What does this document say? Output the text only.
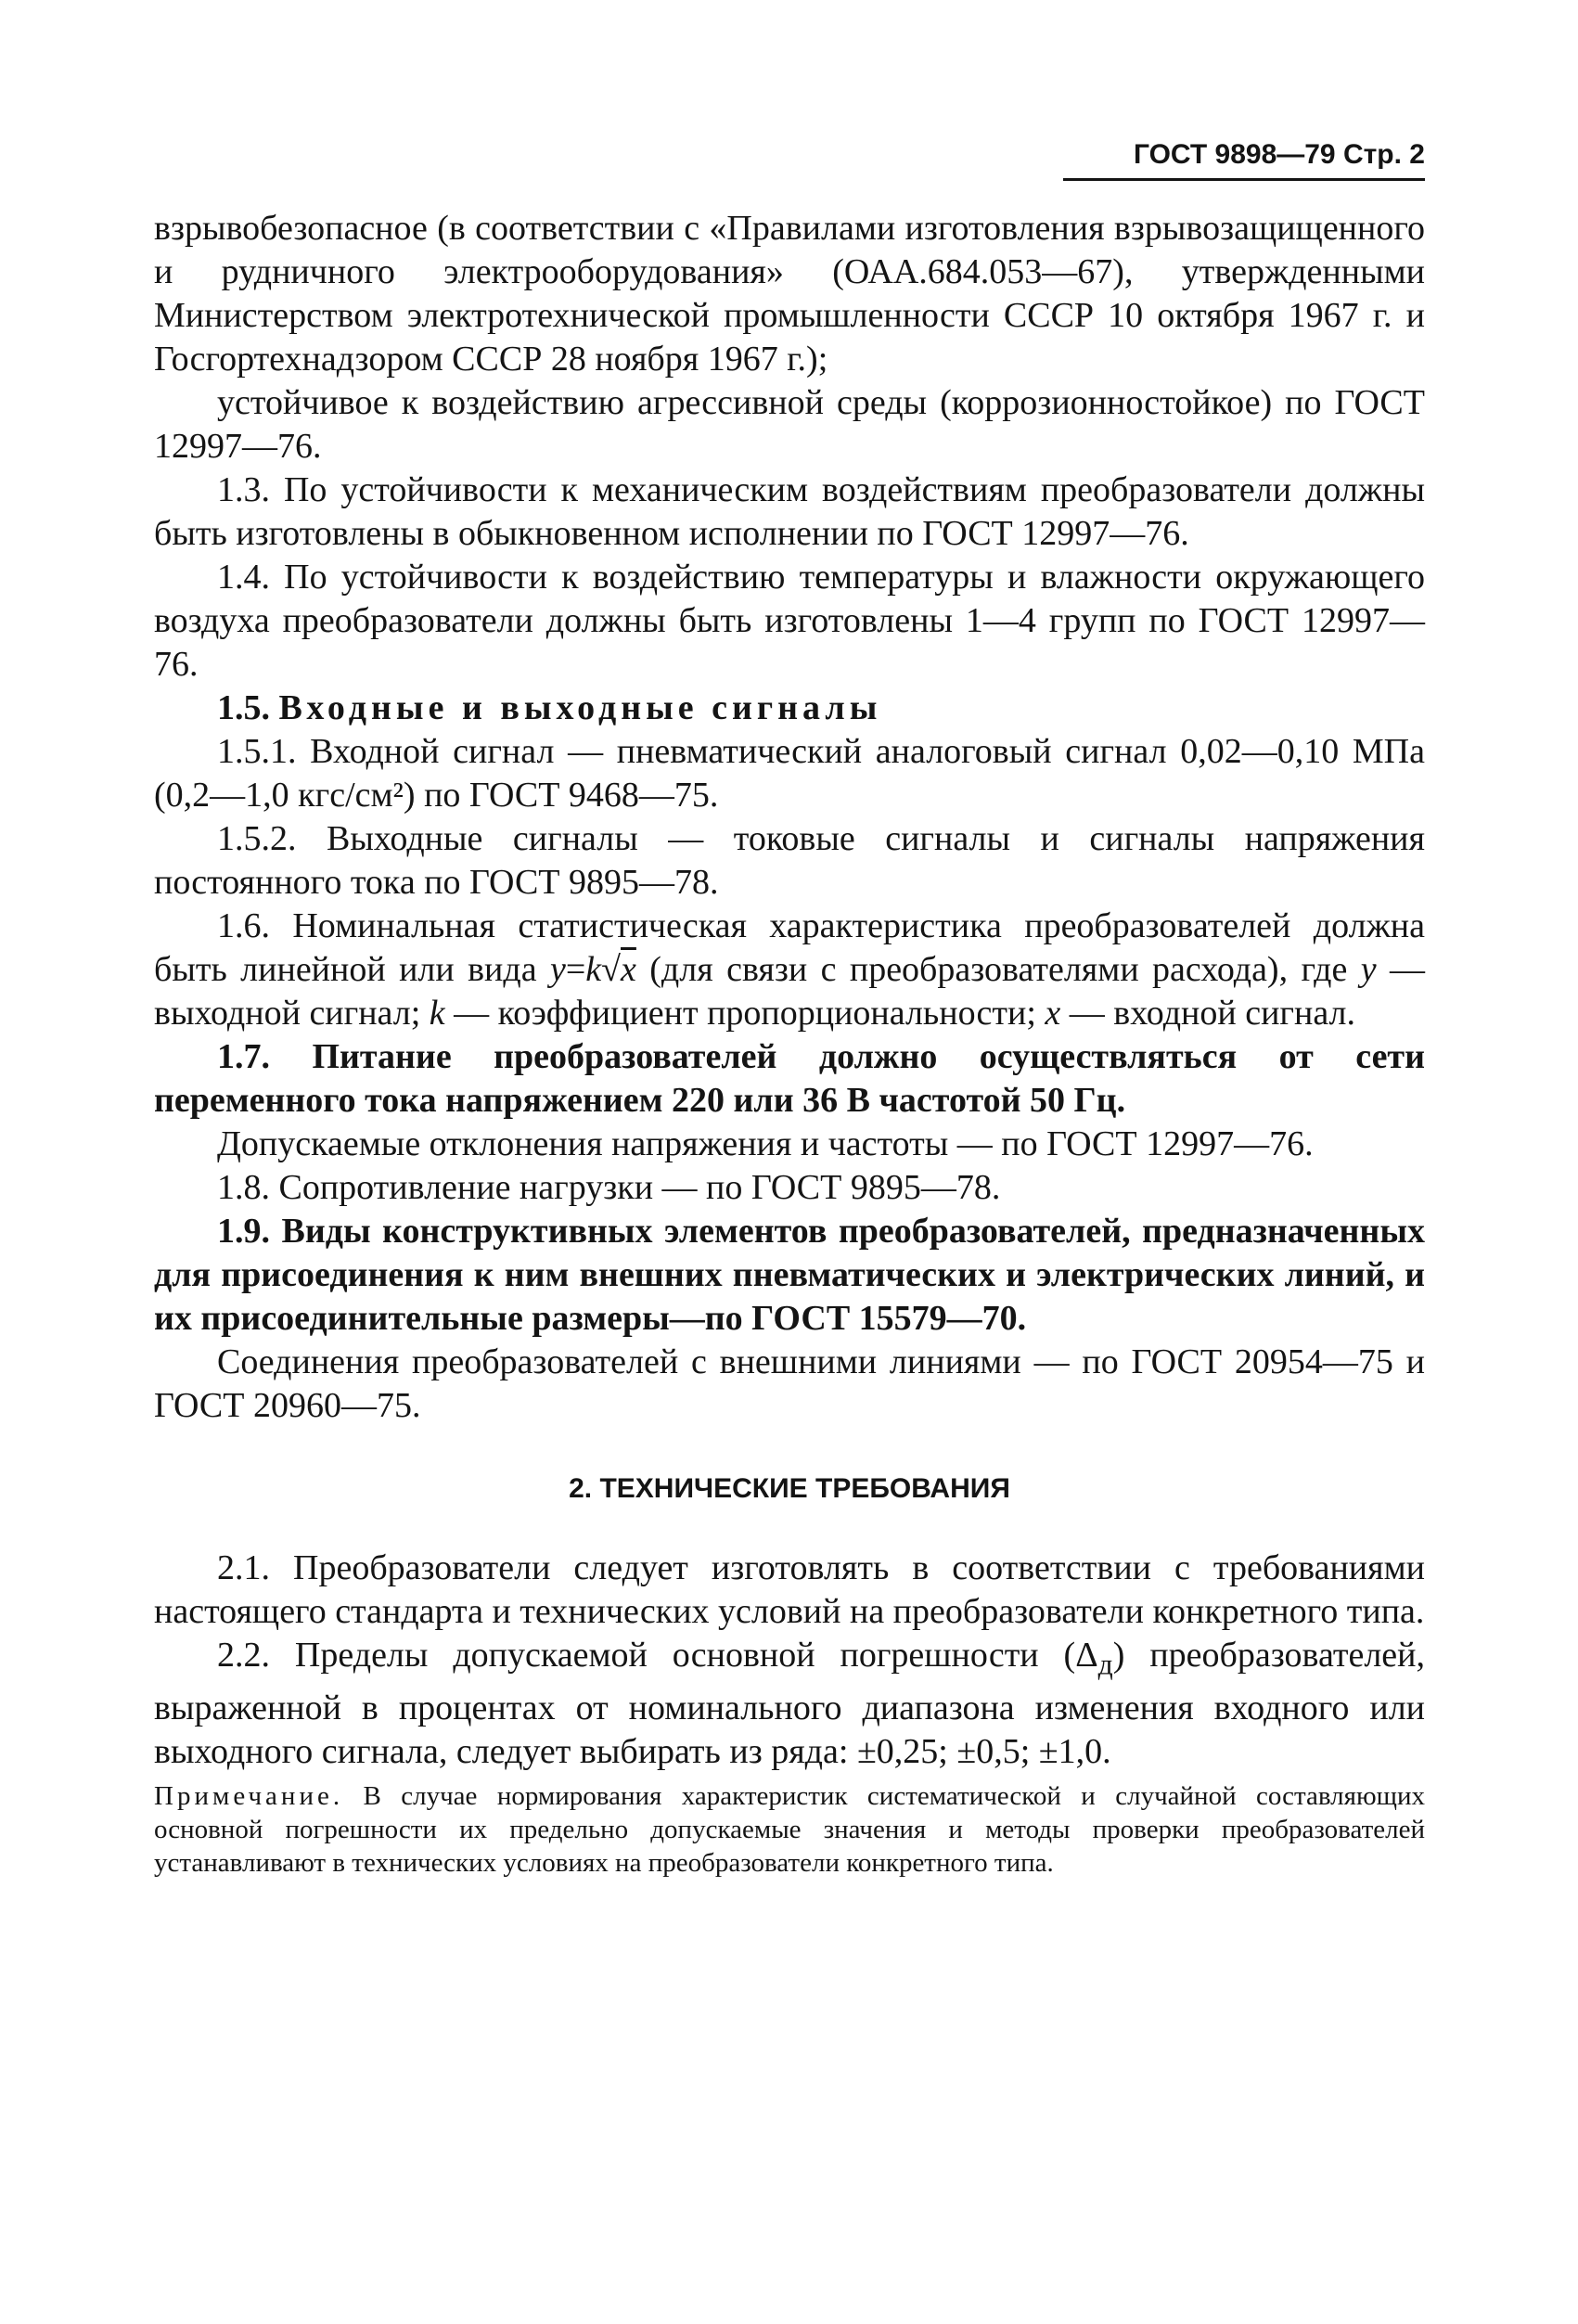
ГОСТ 9898—79 Стр. 2

взрывобезопасное (в соответствии с «Правилами изготовления взрывозащищенного и рудничного электрооборудования» (ОАА.684.053—67), утвержденными Министерством электротехнической промышленности СССР 10 октября 1967 г. и Госгортехнадзором СССР 28 ноября 1967 г.);

устойчивое к воздействию агрессивной среды (коррозионностойкое) по ГОСТ 12997—76.

1.3. По устойчивости к механическим воздействиям преобразователи должны быть изготовлены в обыкновенном исполнении по ГОСТ 12997—76.

1.4. По устойчивости к воздействию температуры и влажности окружающего воздуха преобразователи должны быть изготовлены 1—4 групп по ГОСТ 12997—76.

1.5. Входные и выходные сигналы

1.5.1. Входной сигнал — пневматический аналоговый сигнал 0,02—0,10 МПа (0,2—1,0 кгс/см²) по ГОСТ 9468—75.

1.5.2. Выходные сигналы — токовые сигналы и сигналы напряжения постоянного тока по ГОСТ 9895—78.

1.6. Номинальная статистическая характеристика преобразователей должна быть линейной или вида y=k√x (для связи с преобразователями расхода), где y — выходной сигнал; k — коэффициент пропорциональности; x — входной сигнал.

1.7. Питание преобразователей должно осуществляться от сети переменного тока напряжением 220 или 36 В частотой 50 Гц.

Допускаемые отклонения напряжения и частоты — по ГОСТ 12997—76.

1.8. Сопротивление нагрузки — по ГОСТ 9895—78.

1.9. Виды конструктивных элементов преобразователей, предназначенных для присоединения к ним внешних пневматических и электрических линий, и их присоединительные размеры—по ГОСТ 15579—70.

Соединения преобразователей с внешними линиями — по ГОСТ 20954—75 и ГОСТ 20960—75.

2. ТЕХНИЧЕСКИЕ ТРЕБОВАНИЯ

2.1. Преобразователи следует изготовлять в соответствии с требованиями настоящего стандарта и технических условий на преобразователи конкретного типа.

2.2. Пределы допускаемой основной погрешности $(\Delta_д)$ преобразователей, выраженной в процентах от номинального диапазона изменения входного или выходного сигнала, следует выбирать из ряда: ±0,25; ±0,5; ±1,0.

Примечание. В случае нормирования характеристик систематической и случайной составляющих основной погрешности их предельно допускаемые значения и методы проверки преобразователей устанавливают в технических условиях на преобразователи конкретного типа.
